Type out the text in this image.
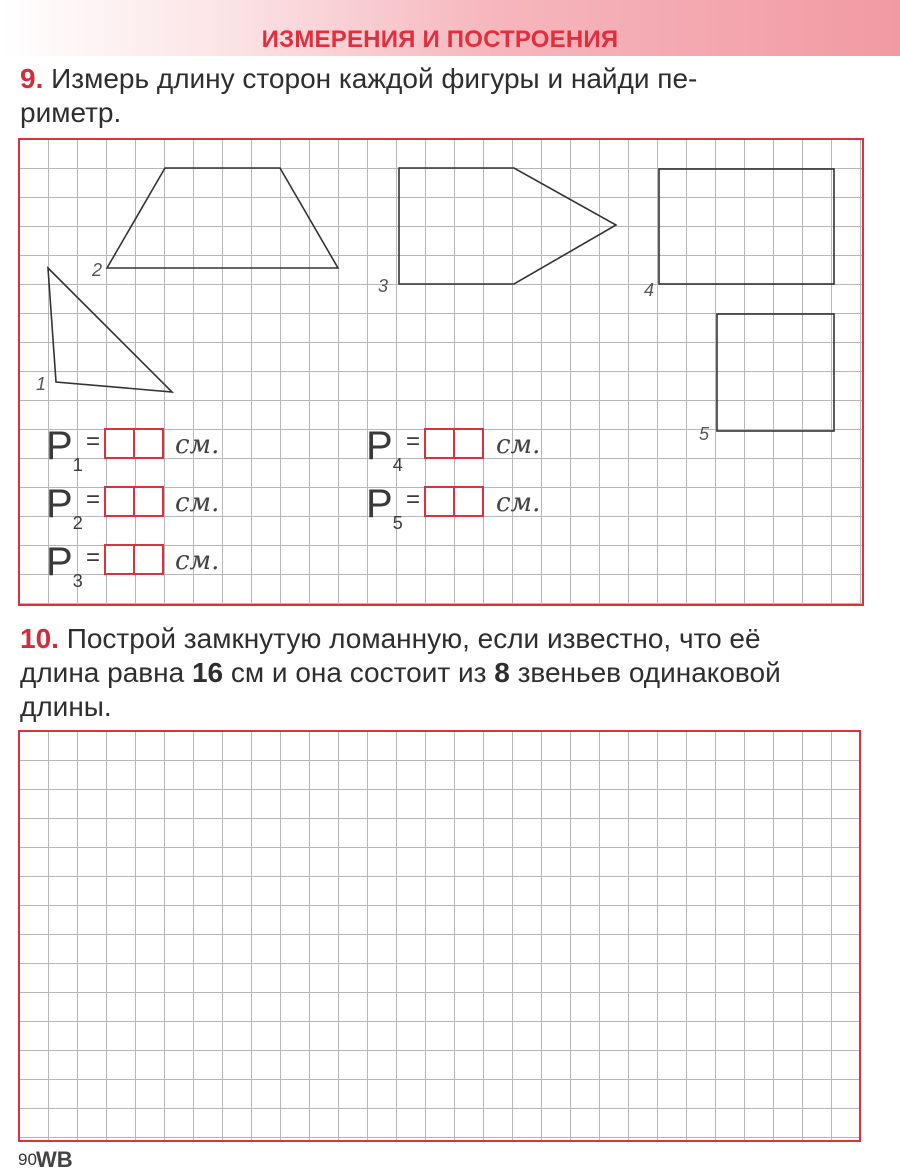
ИЗМЕРЕНИЯ И ПОСТРОЕНИЯ
9. Измерь длину сторон каждой фигуры и найди пе-
риметр.
1
2
3	4
5
$P_1$
=	см.
$P_2$
=	см.
$P_3$
=	см.
$P_4$
=	см.
$P_5$
=	см.
10. Построй замкнутую ломанную, если известно, что её
длина равна 16 см и она состоит из 8 звеньев одинаковой
длины.
90 WB
